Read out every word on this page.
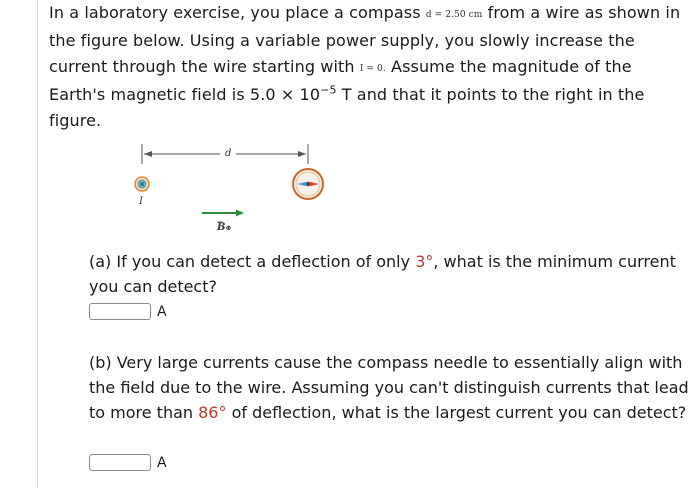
In a laboratory exercise, you place a compass d = 2.50 cm from a wire as shown in the figure below. Using a variable power supply, you slowly increase the current through the wire starting with I = 0. Assume the magnitude of the Earth's magnetic field is $5.0 \times 10^{-5}$ T and that it points to the right in the figure.
d
I
B⊕
(a) If you can detect a deflection of only 3°, what is the minimum current you can detect?
A
(b) Very large currents cause the compass needle to essentially align with the field due to the wire. Assuming you can't distinguish currents that lead to more than 86° of deflection, what is the largest current you can detect?
A
